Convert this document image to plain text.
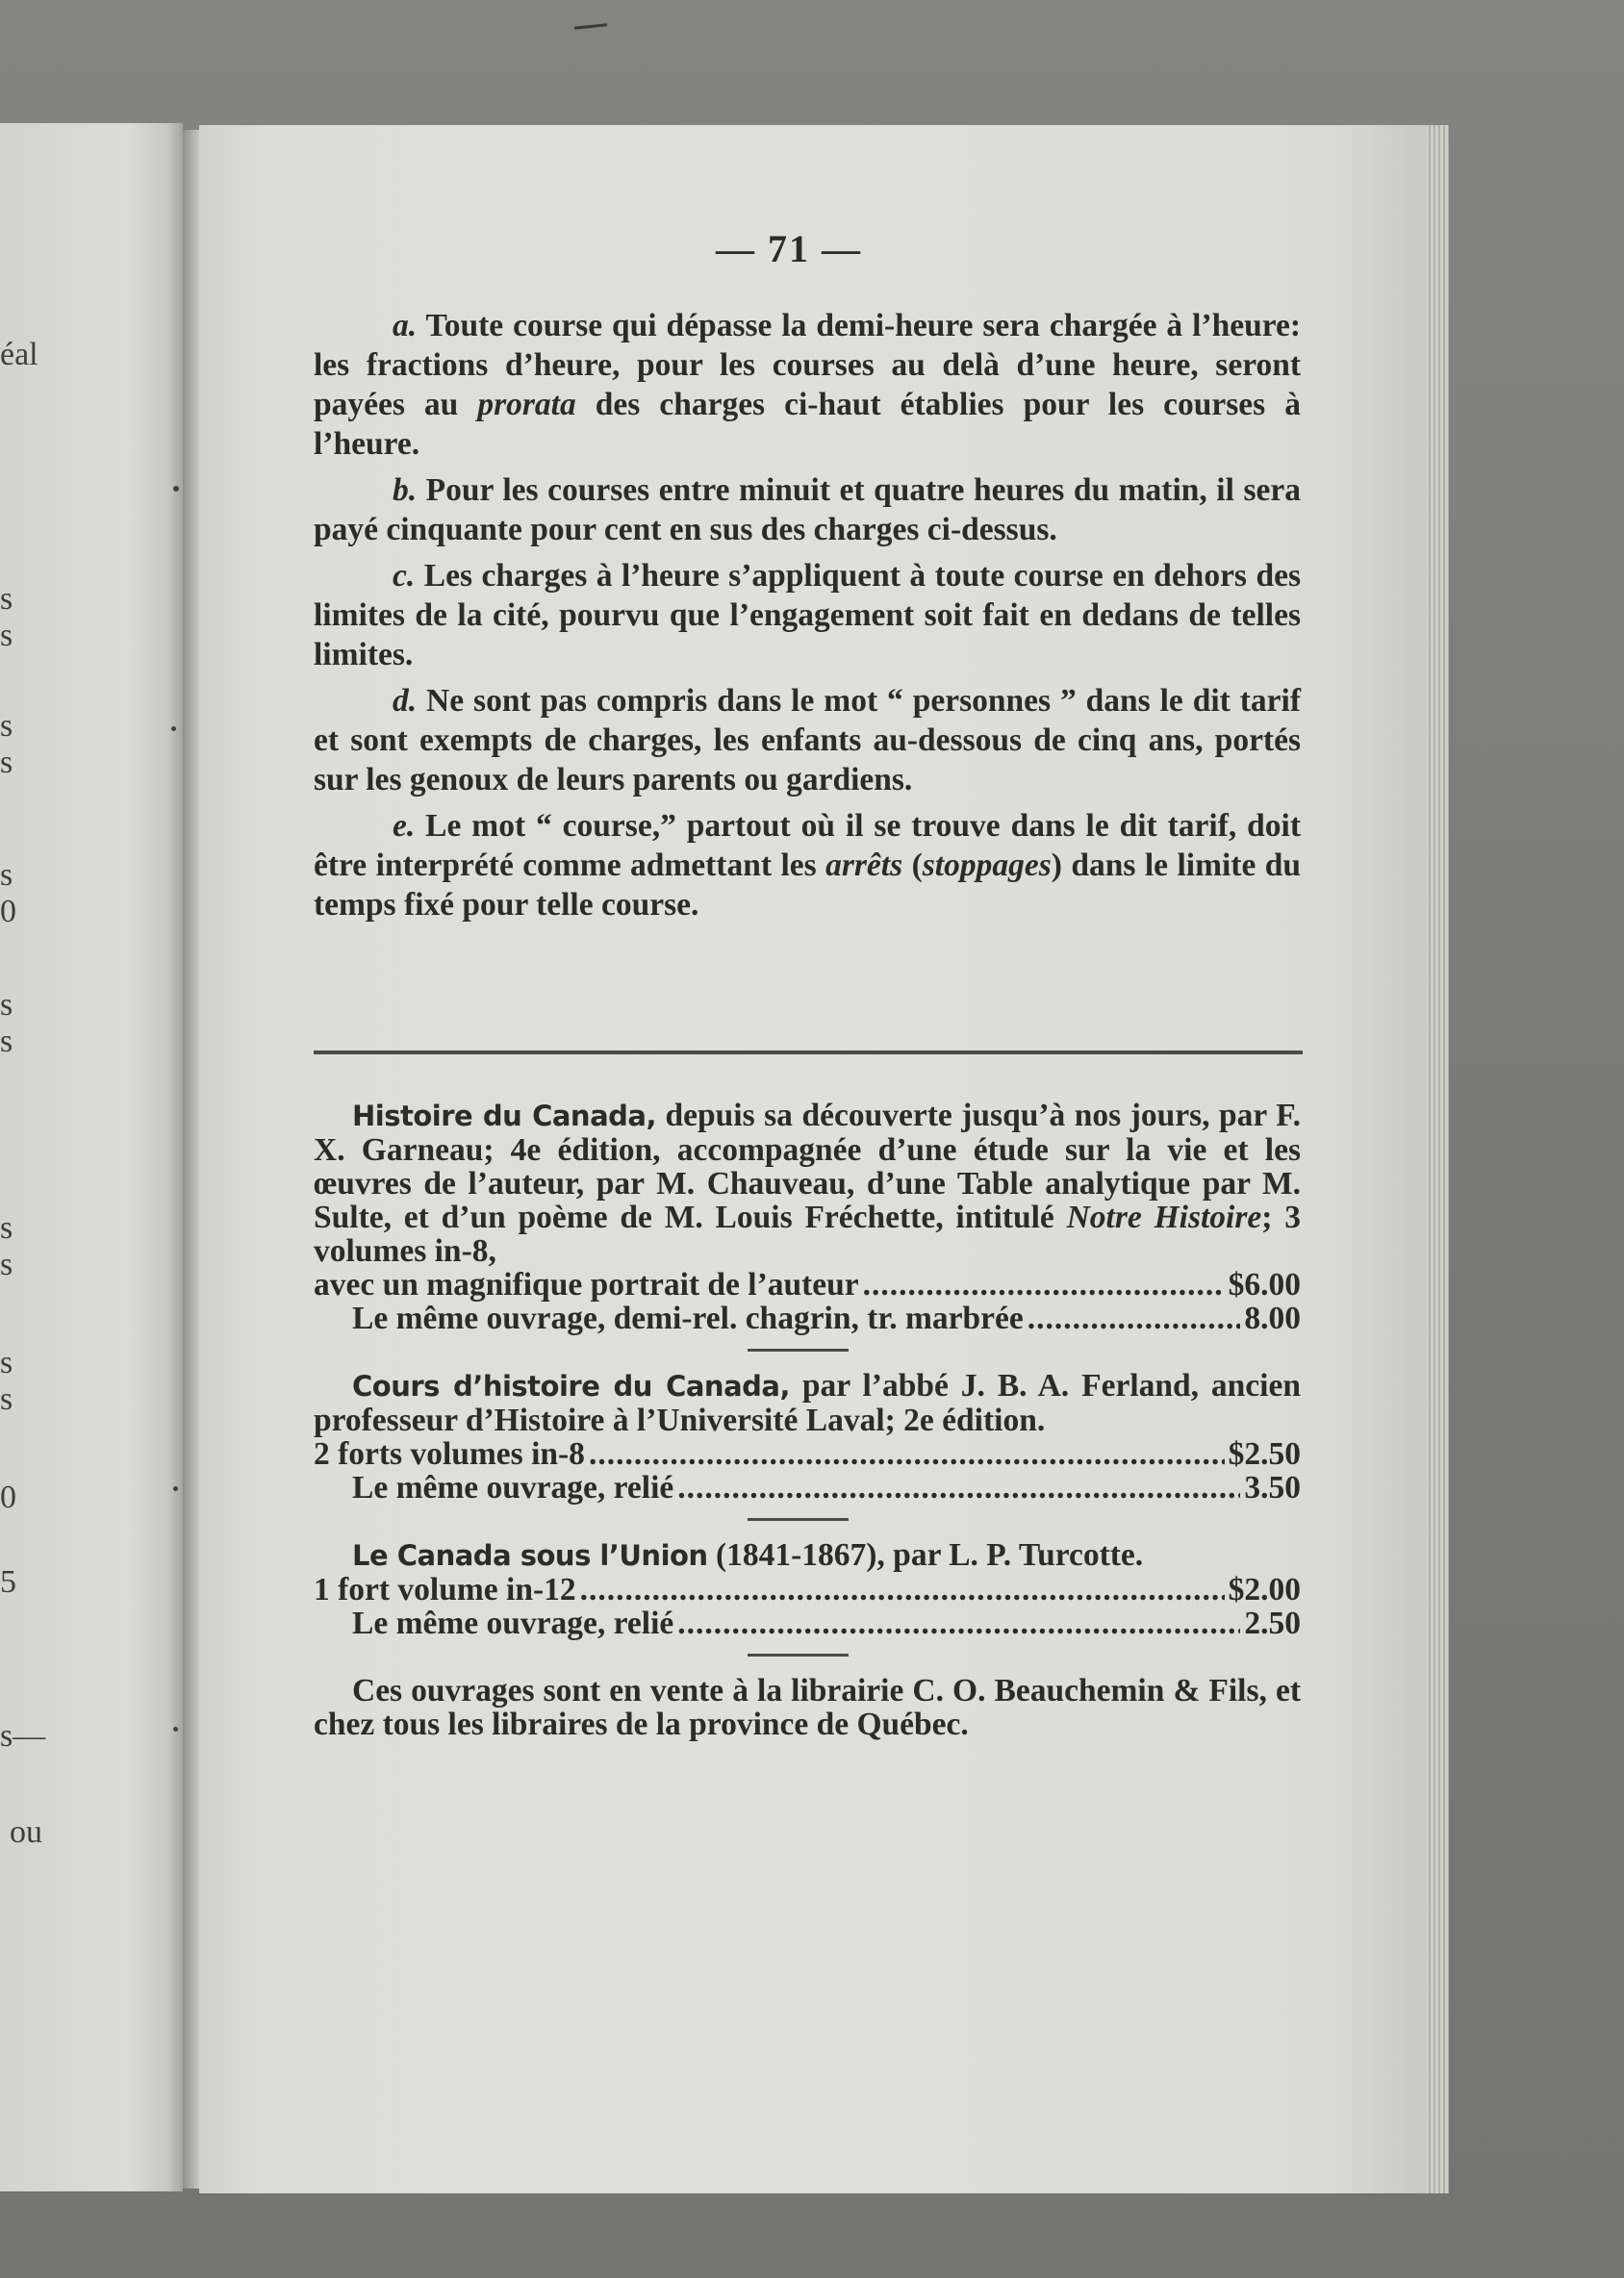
éal
s
s
s
s
s
0
s
s
s
s
s
s
0
5
s—
ou
— 71 —

a. Toute course qui dépasse la demi-heure sera chargée à l’heure: les fractions d’heure, pour les courses au delà d’une heure, seront payées au prorata des charges ci-haut établies pour les courses à l’heure.

b. Pour les courses entre minuit et quatre heures du matin, il sera payé cinquante pour cent en sus des charges ci-dessus.

c. Les charges à l’heure s’appliquent à toute course en dehors des limites de la cité, pourvu que l’engagement soit fait en dedans de telles limites.

d. Ne sont pas compris dans le mot “ personnes ” dans le dit tarif et sont exempts de charges, les enfants au-dessous de cinq ans, portés sur les genoux de leurs parents ou gardiens.

e. Le mot “ course,” partout où il se trouve dans le dit tarif, doit être interprété comme admettant les arrêts (stoppages) dans le limite du temps fixé pour telle course.

Histoire du Canada, depuis sa découverte jusqu’à nos jours, par F. X. Garneau; 4e édition, accompagnée d’une étude sur la vie et les œuvres de l’auteur, par M. Chauveau, d’une Table analytique par M. Sulte, et d’un poème de M. Louis Fréchette, intitulé Notre Histoire; 3 volumes in-8,
avec un magnifique portrait de l’auteur .....	$6.00
Le même ouvrage, demi-rel. chagrin, tr. marbrée .....	8.00
Cours d’histoire du Canada, par l’abbé J. B. A. Ferland, ancien professeur d’Histoire à l’Université Laval; 2e édition.
2 forts volumes in-8 .....	$2.50
Le même ouvrage, relié .....	3.50
Le Canada sous l’Union (1841-1867), par L. P. Turcotte.
1 fort volume in-12 .....	$2.00
Le même ouvrage, relié .....	2.50
Ces ouvrages sont en vente à la librairie C. O. Beauchemin & Fils, et chez tous les libraires de la province de Québec.
